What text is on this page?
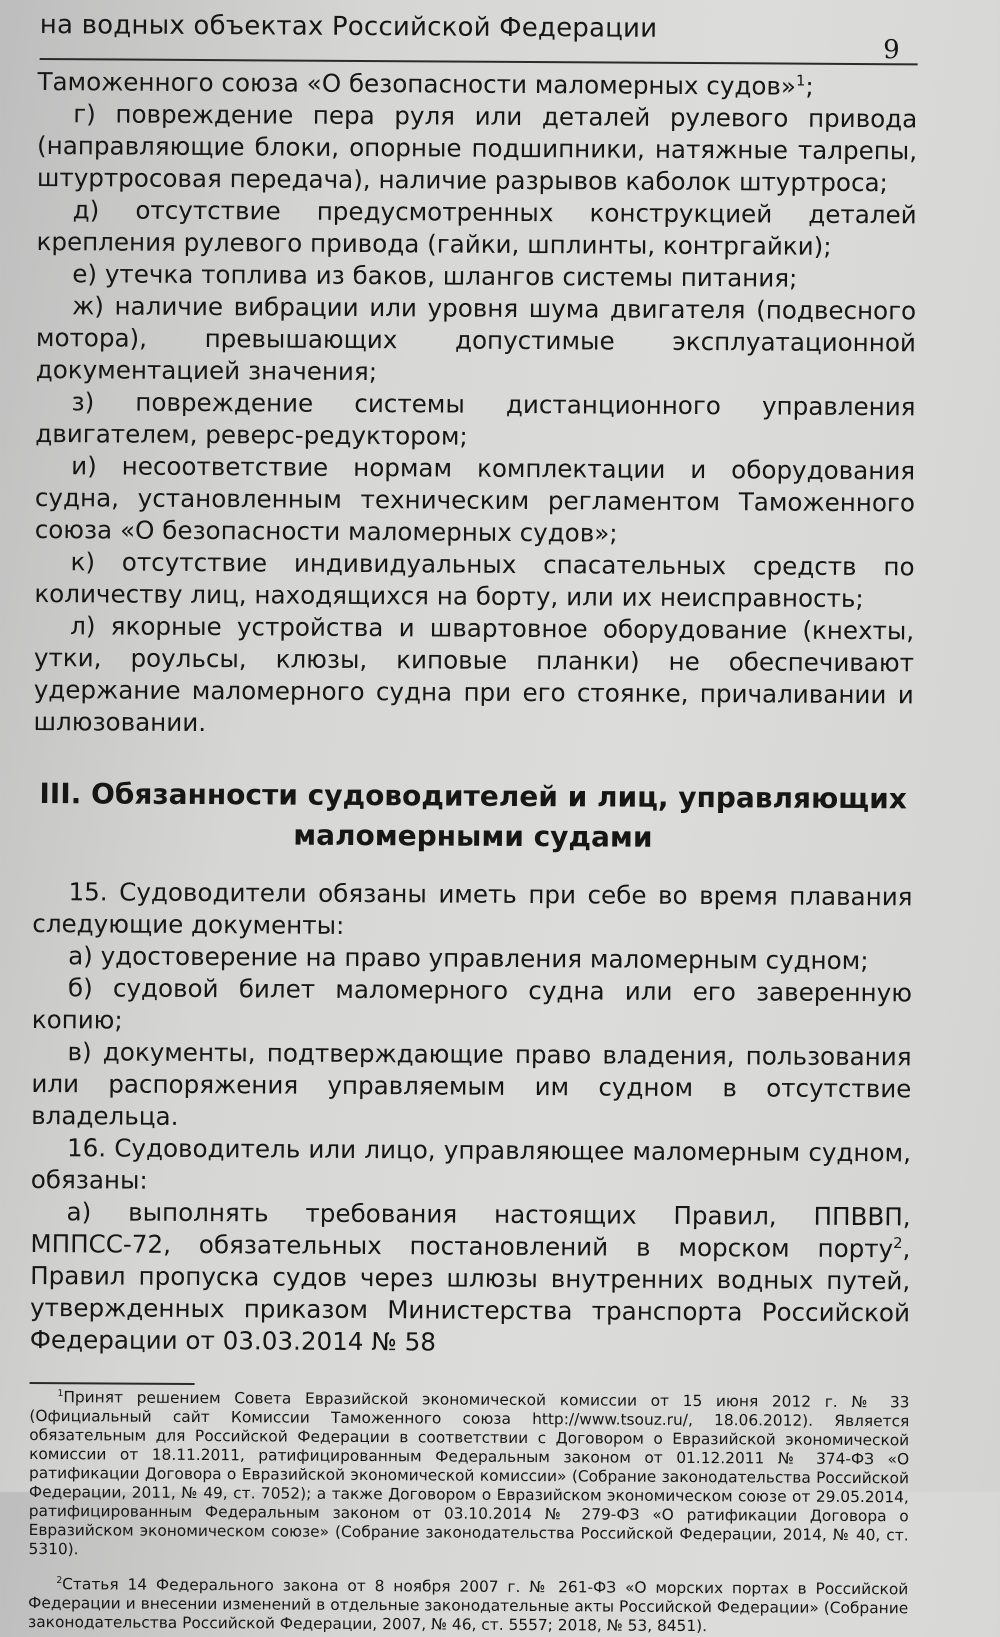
на водных объектах Российской Федерации
9

Таможенного союза «О безопасности маломерных судов»$^1$;

г) повреждение пера руля или деталей рулевого привода (направляющие блоки, опорные подшипники, натяжные талрепы, штуртросовая передача), наличие разрывов каболок штуртроса;

д) отсутствие предусмотренных конструкцией деталей крепления рулевого привода (гайки, шплинты, контргайки);

е) утечка топлива из баков, шлангов системы питания;

ж) наличие вибрации или уровня шума двигателя (подвесного мотора), превышающих допустимые эксплуатационной документацией значения;

з) повреждение системы дистанционного управления двигателем, реверс-редуктором;

и) несоответствие нормам комплектации и оборудования судна, установленным техническим регламентом Таможенного союза «О безопасности маломерных судов»;

к) отсутствие индивидуальных спасательных средств по количеству лиц, находящихся на борту, или их неисправность;

л) якорные устройства и швартовное оборудование (кнехты, утки, роульсы, клюзы, киповые планки) не обеспечивают удержание маломерного судна при его стоянке, причаливании и шлюзовании.

III. Обязанности судоводителей и лиц, управляющих
маломерными судами

15. Судоводители обязаны иметь при себе во время плавания следующие документы:

а) удостоверение на право управления маломерным судном;

б) судовой билет маломерного судна или его заверенную копию;

в) документы, подтверждающие право владения, пользования или распоряжения управляемым им судном в отсутствие владельца.

16. Судоводитель или лицо, управляющее маломерным судном, обязаны:

а) выполнять требования настоящих Правил, ППВВП, МППСС-72, обязательных постановлений в морском порту$^2$, Правил пропуска судов через шлюзы внутренних водных путей, утвержденных приказом Министерства транспорта Российской Федерации от 03.03.2014 № 58

$^1$Принят решением Совета Евразийской экономической комиссии от 15 июня 2012 г. № 33 (Официальный сайт Комиссии Таможенного союза http://www.tsouz.ru/, 18.06.2012). Является обязательным для Российской Федерации в соответствии с Договором о Евразийской экономической комиссии от 18.11.2011, ратифицированным Федеральным законом от 01.12.2011 № 374-ФЗ «О ратификации Договора о Евразийской экономической комиссии» (Собрание законодательства Российской Федерации, 2011, № 49, ст. 7052); а также Договором о Евразийском экономическом союзе от 29.05.2014, ратифицированным Федеральным законом от 03.10.2014 № 279-ФЗ «О ратификации Договора о Евразийском экономическом союзе» (Собрание законодательства Российской Федерации, 2014, № 40, ст. 5310).

$^2$Статья 14 Федерального закона от 8 ноября 2007 г. № 261-ФЗ «О морских портах в Российской Федерации и внесении изменений в отдельные законодательные акты Российской Федерации» (Собрание законодательства Российской Федерации, 2007, № 46, ст. 5557; 2018, № 53, 8451).
